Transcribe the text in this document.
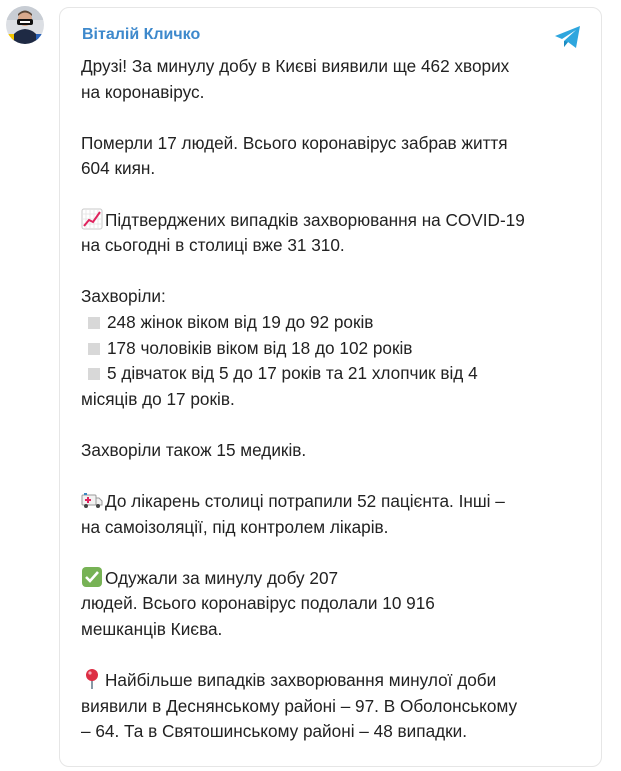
Віталій Кличко
Друзі! За минулу добу в Києві виявили ще 462 хворих
на коронавірус.
Померли 17 людей. Всього коронавірус забрав життя
604 киян.
Підтверджених випадків захворювання на COVID-19
на сьогодні в столиці вже 31 310.
Захворіли:
248 жінок віком від 19 до 92 років
178 чоловіків віком від 18 до 102 років
5 дівчаток від 5 до 17 років та 21 хлопчик від 4
місяців до 17 років.
Захворіли також 15 медиків.
До лікарень столиці потрапили 52 пацієнта. Інші –
на самоізоляції, під контролем лікарів.
Одужали за минулу добу 207
людей. Всього коронавірус подолали 10 916
мешканців Києва.
Найбільше випадків захворювання минулої доби
виявили в Деснянському районі – 97. В Оболонському
– 64. Та в Святошинському районі – 48 випадки.
